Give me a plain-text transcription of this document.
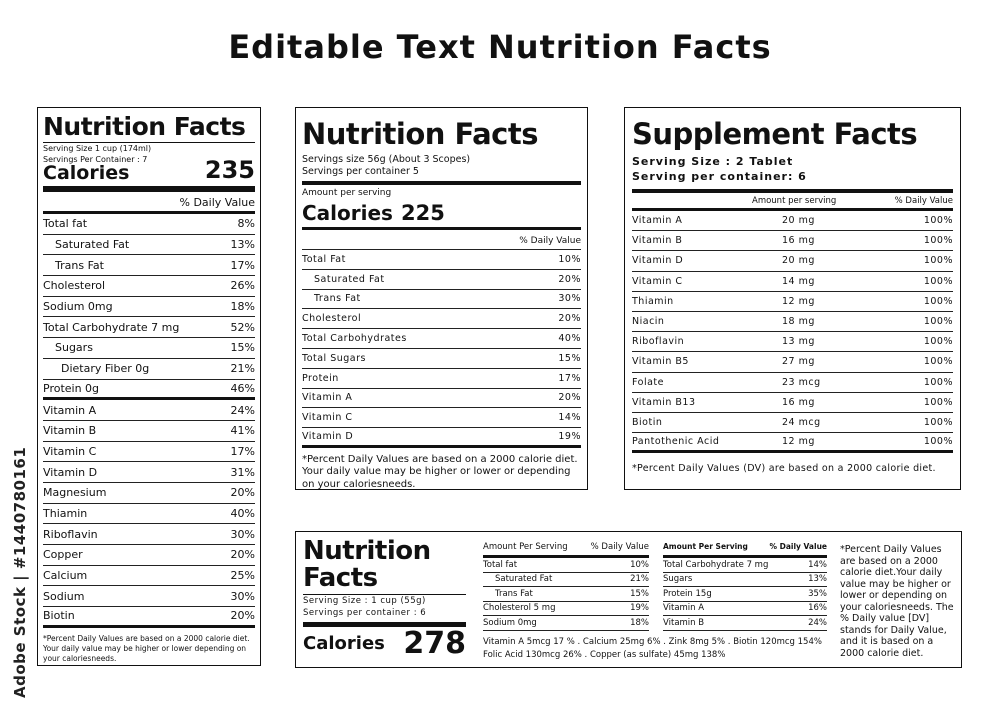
Editable Text Nutrition Facts
Nutrition Facts
Serving Size 1 cup (174ml)
Servings Per Container : 7
Calories	235
% Daily Value
Total fat	8%
Saturated Fat	13%
Trans Fat	17%
Cholesterol	26%
Sodium 0mg	18%
Total Carbohydrate 7 mg	52%
Sugars	15%
Dietary Fiber 0g	21%
Protein 0g	46%
Vitamin A	24%
Vitamin B	41%
Vitamin C	17%
Vitamin D	31%
Magnesium	20%
Thiamin	40%
Riboflavin	30%
Copper	20%
Calcium	25%
Sodium	30%
Biotin	20%
*Percent Daily Values are based on a 2000 calorie diet. Your daily value may be higher or lower depending on your caloriesneeds.
Nutrition Facts
Servings size 56g (About 3 Scopes)
Servings per container 5
Amount per serving
Calories 225
% Daily Value
Total Fat	10%
Saturated Fat	20%
Trans Fat	30%
Cholesterol	20%
Total Carbohydrates	40%
Total Sugars	15%
Protein	17%
Vitamin A	20%
Vitamin C	14%
Vitamin D	19%
*Percent Daily Values are based on a 2000 calorie diet. Your daily value may be higher or lower or depending on your caloriesneeds.
Supplement Facts
Serving Size : 2 Tablet
Serving per container: 6
Amount per serving	% Daily Value
Vitamin A	20 mg	100%
Vitamin B	16 mg	100%
Vitamin D	20 mg	100%
Vitamin C	14 mg	100%
Thiamin	12 mg	100%
Niacin	18 mg	100%
Riboflavin	13 mg	100%
Vitamin B5	27 mg	100%
Folate	23 mcg	100%
Vitamin B13	16 mg	100%
Biotin	24 mcg	100%
Pantothenic Acid	12 mg	100%
*Percent Daily Values (DV) are based on a 2000 calorie diet.
Nutrition
Facts
Serving Size : 1 cup (55g)
Servings per container : 6
Calories 278
Amount Per Serving	% Daily Value
Total fat	10%
Saturated Fat	21%
Trans Fat	15%
Cholesterol 5 mg	19%
Sodium 0mg	18%
Amount Per Serving	% Daily Value
Total Carbohydrate 7 mg	14%
Sugars	13%
Protein 15g	35%
Vitamin A	16%
Vitamin B	24%
Vitamin A 5mcg 17 % . Calcium 25mg 6% . Zink 8mg 5% . Biotin 120mcg 154%
Folic Acid 130mcg 26% . Copper (as sulfate) 45mg 138%
*Percent Daily Values are based on a 2000 calorie diet.Your daily value may be higher or lower or depending on your caloriesneeds. The % Daily value [DV] stands for Daily Value, and it is based on a 2000 calorie diet.
Adobe Stock | #1440780161
